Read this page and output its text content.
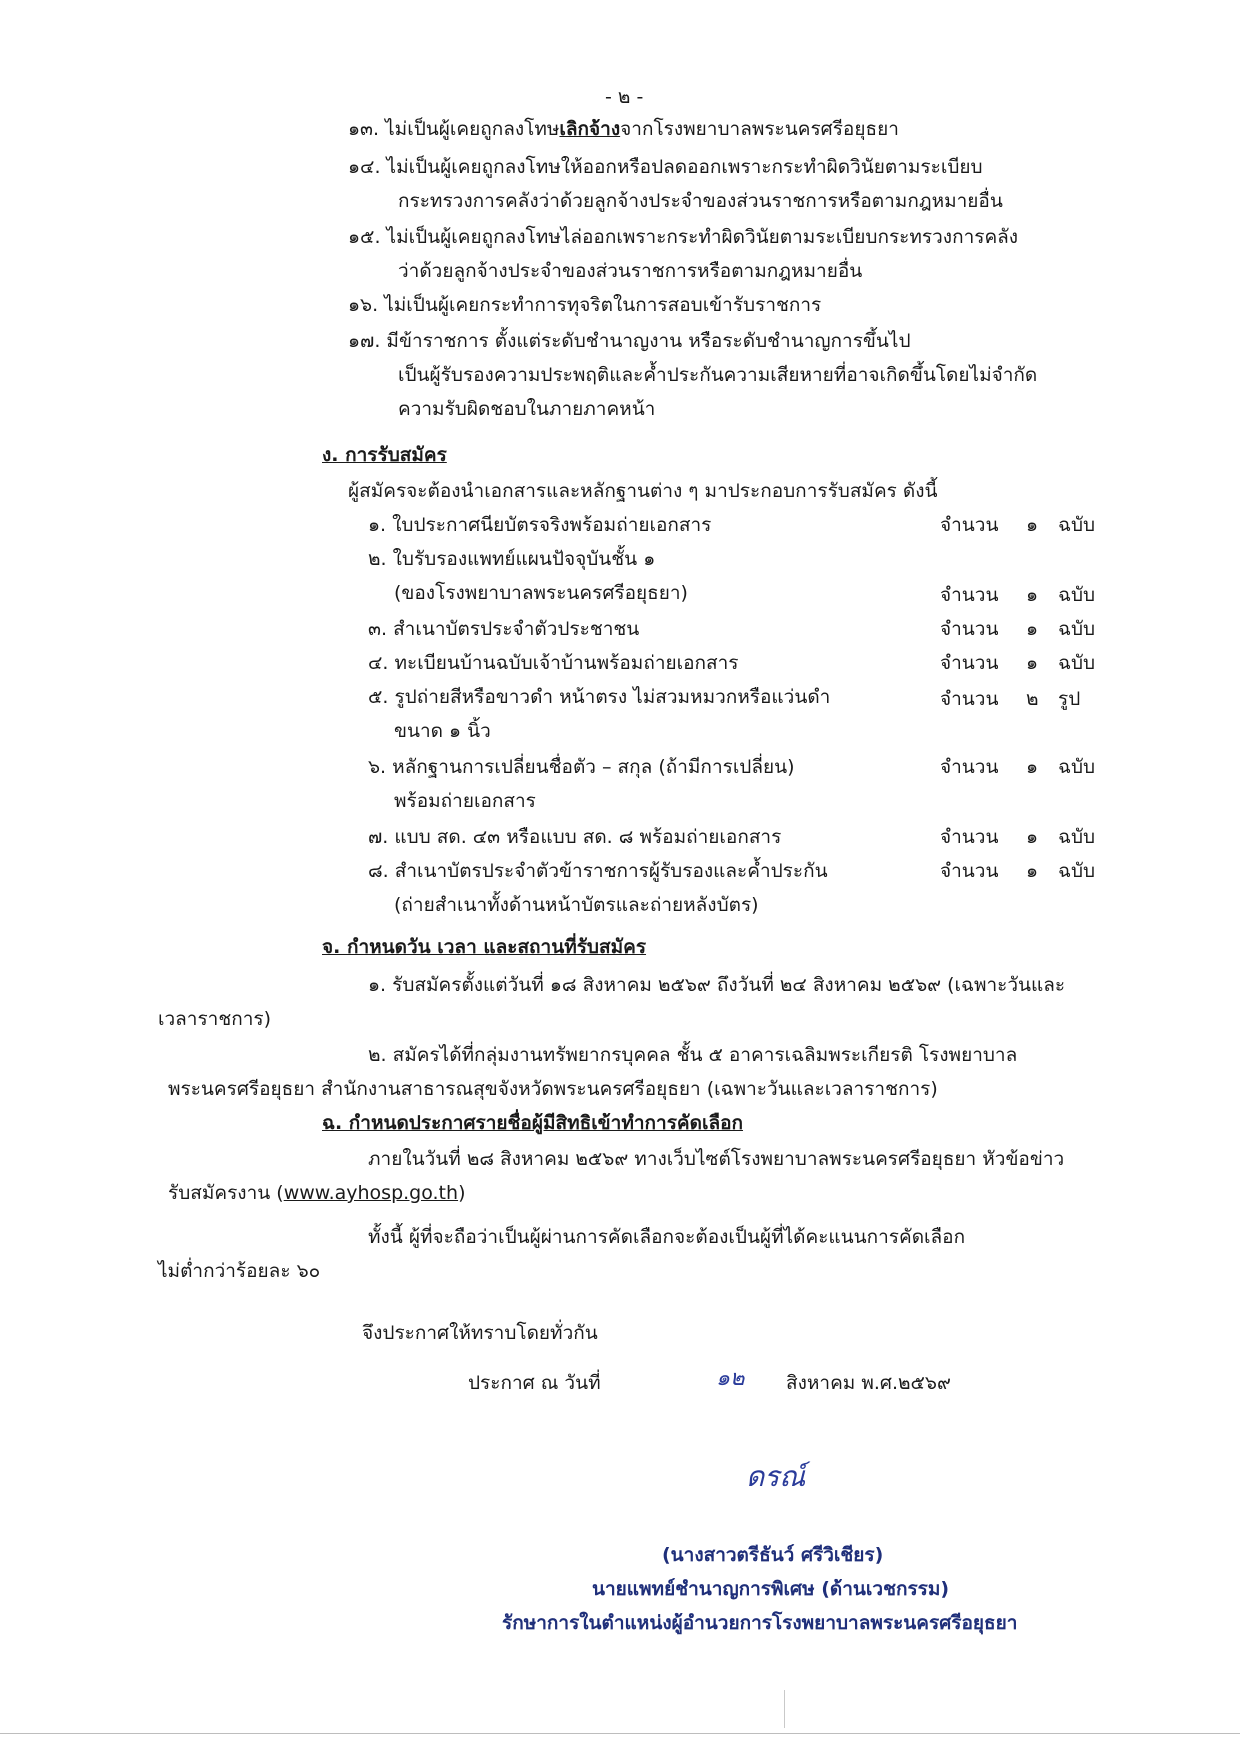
- ๒ -
๑๓. ไม่เป็นผู้เคยถูกลงโทษเลิกจ้างจากโรงพยาบาลพระนครศรีอยุธยา
๑๔. ไม่เป็นผู้เคยถูกลงโทษให้ออกหรือปลดออกเพราะกระทำผิดวินัยตามระเบียบ
กระทรวงการคลังว่าด้วยลูกจ้างประจำของส่วนราชการหรือตามกฎหมายอื่น
๑๕. ไม่เป็นผู้เคยถูกลงโทษไล่ออกเพราะกระทำผิดวินัยตามระเบียบกระทรวงการคลัง
ว่าด้วยลูกจ้างประจำของส่วนราชการหรือตามกฎหมายอื่น
๑๖. ไม่เป็นผู้เคยกระทำการทุจริตในการสอบเข้ารับราชการ
๑๗. มีข้าราชการ ตั้งแต่ระดับชำนาญงาน หรือระดับชำนาญการขึ้นไป
เป็นผู้รับรองความประพฤติและค้ำประกันความเสียหายที่อาจเกิดขึ้นโดยไม่จำกัด
ความรับผิดชอบในภายภาคหน้า
ง. การรับสมัคร
ผู้สมัครจะต้องนำเอกสารและหลักฐานต่าง ๆ มาประกอบการรับสมัคร ดังนี้
๑. ใบประกาศนียบัตรจริงพร้อมถ่ายเอกสาร	จำนวน ๑ ฉบับ
๒. ใบรับรองแพทย์แผนปัจจุบันชั้น ๑
(ของโรงพยาบาลพระนครศรีอยุธยา)	จำนวน ๑ ฉบับ
๓. สำเนาบัตรประจำตัวประชาชน	จำนวน ๑ ฉบับ
๔. ทะเบียนบ้านฉบับเจ้าบ้านพร้อมถ่ายเอกสาร	จำนวน ๑ ฉบับ
๕. รูปถ่ายสีหรือขาวดำ หน้าตรง ไม่สวมหมวกหรือแว่นดำ
ขนาด ๑ นิ้ว
จำนวน ๒ รูป
๖. หลักฐานการเปลี่ยนชื่อตัว – สกุล (ถ้ามีการเปลี่ยน)
พร้อมถ่ายเอกสาร
จำนวน ๑ ฉบับ
๗. แบบ สด. ๔๓ หรือแบบ สด. ๘ พร้อมถ่ายเอกสาร	จำนวน ๑ ฉบับ
๘. สำเนาบัตรประจำตัวข้าราชการผู้รับรองและค้ำประกัน
(ถ่ายสำเนาทั้งด้านหน้าบัตรและถ่ายหลังบัตร)
จำนวน ๑ ฉบับ
จ. กำหนดวัน เวลา และสถานที่รับสมัคร
๑. รับสมัครตั้งแต่วันที่ ๑๘ สิงหาคม ๒๕๖๙ ถึงวันที่ ๒๔ สิงหาคม ๒๕๖๙ (เฉพาะวันและ
เวลาราชการ)
๒. สมัครได้ที่กลุ่มงานทรัพยากรบุคคล ชั้น ๕ อาคารเฉลิมพระเกียรติ โรงพยาบาล
พระนครศรีอยุธยา สำนักงานสาธารณสุขจังหวัดพระนครศรีอยุธยา (เฉพาะวันและเวลาราชการ)
ฉ. กำหนดประกาศรายชื่อผู้มีสิทธิเข้าทำการคัดเลือก
ภายในวันที่ ๒๘ สิงหาคม ๒๕๖๙ ทางเว็บไซต์โรงพยาบาลพระนครศรีอยุธยา หัวข้อข่าว
รับสมัครงาน (www.ayhosp.go.th)
ทั้งนี้ ผู้ที่จะถือว่าเป็นผู้ผ่านการคัดเลือกจะต้องเป็นผู้ที่ได้คะแนนการคัดเลือก
ไม่ต่ำกว่าร้อยละ ๖๐
จึงประกาศให้ทราบโดยทั่วกัน
ประกาศ ณ วันที่	๑๒ สิงหาคม พ.ศ.๒๕๖๙
ดรณ์
(นางสาวตรีธันว์ ศรีวิเชียร)
นายแพทย์ชำนาญการพิเศษ (ด้านเวชกรรม)
รักษาการในตำแหน่งผู้อำนวยการโรงพยาบาลพระนครศรีอยุธยา
